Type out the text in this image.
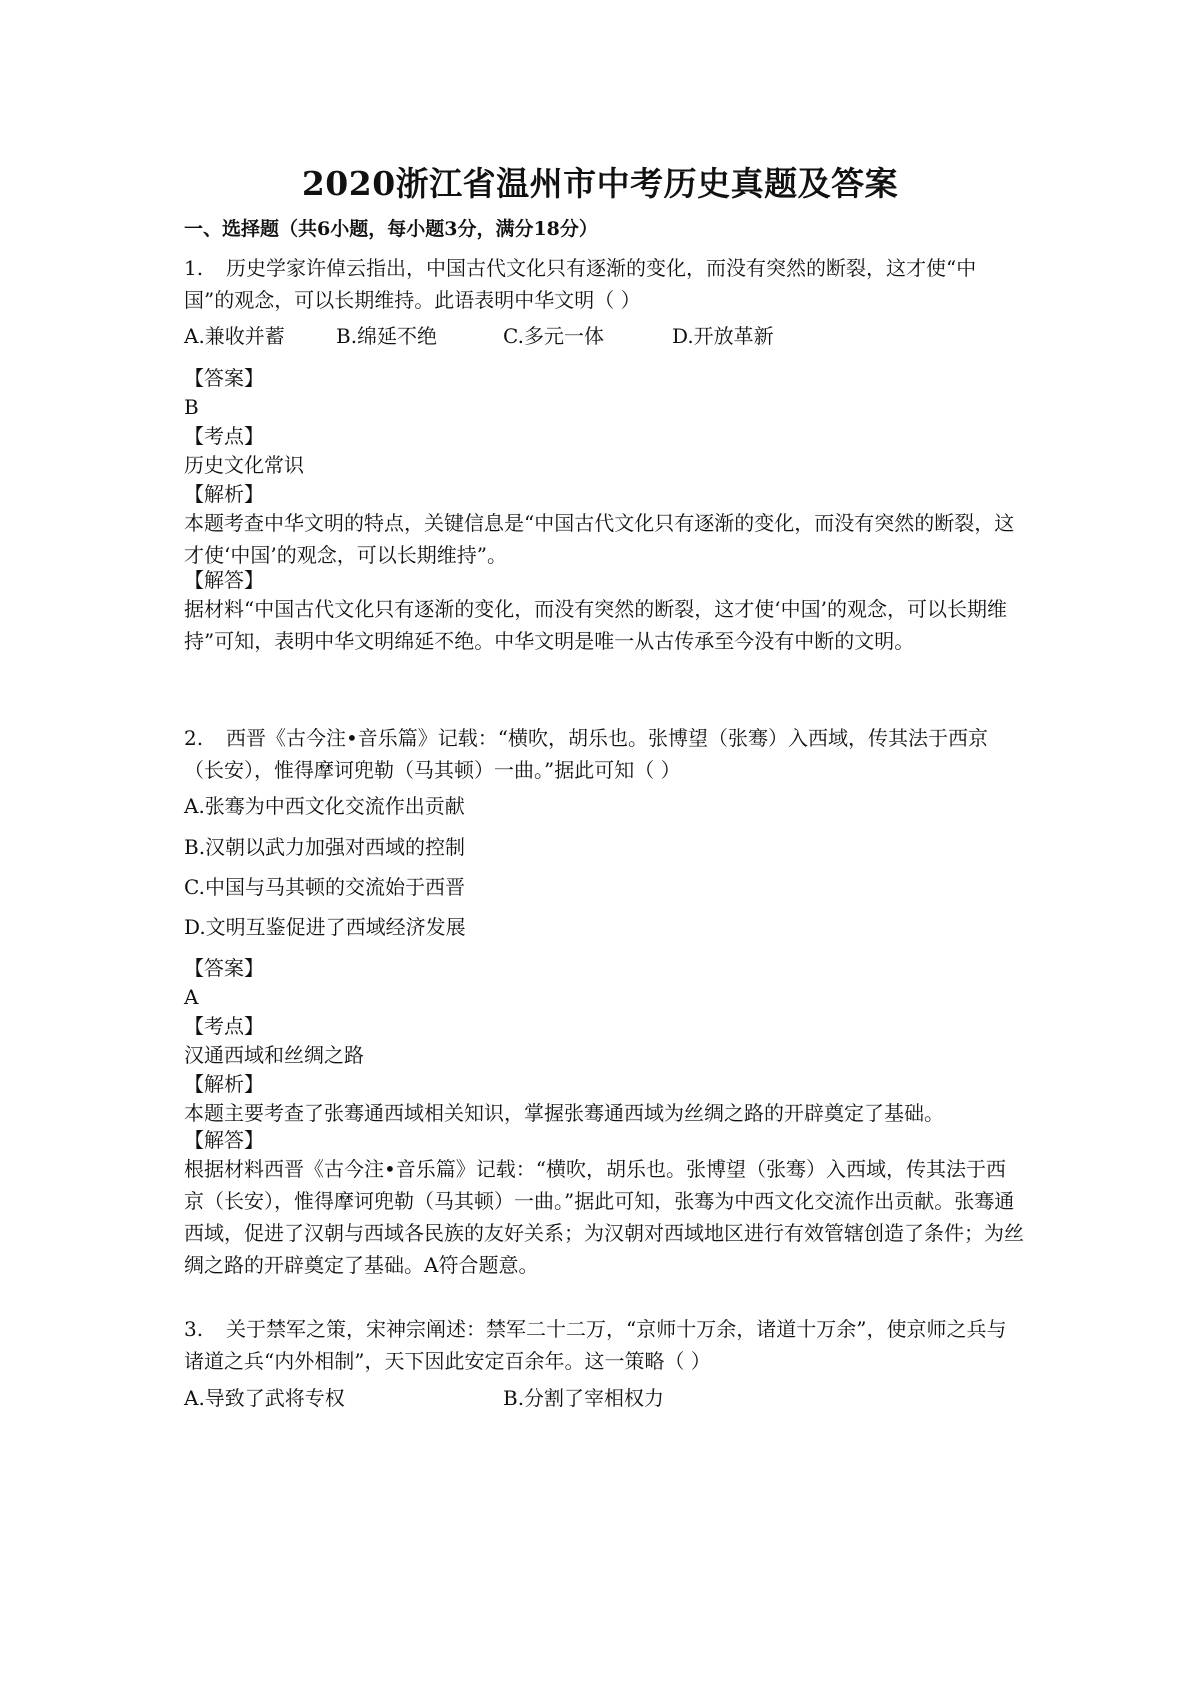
2020浙江省温州市中考历史真题及答案
一、选择题（共6小题，每小题3分，满分18分）
1. 历史学家许倬云指出，中国古代文化只有逐渐的变化，而没有突然的断裂，这才使“中国”的观念，可以长期维持。此语表明中华文明（ ）
A.兼收并蓄	B.绵延不绝	C.多元一体	D.开放革新
【答案】
B
【考点】
历史文化常识
【解析】
本题考查中华文明的特点，关键信息是“中国古代文化只有逐渐的变化，而没有突然的断裂，这才使‘中国’的观念，可以长期维持”。
【解答】
据材料“中国古代文化只有逐渐的变化，而没有突然的断裂，这才使‘中国’的观念，可以长期维持”可知，表明中华文明绵延不绝。中华文明是唯一从古传承至今没有中断的文明。
2. 西晋《古今注•音乐篇》记载：“横吹，胡乐也。张博望（张骞）入西域，传其法于西京（长安），惟得摩诃兜勒（马其顿）一曲。”据此可知（ ）
A.张骞为中西文化交流作出贡献
B.汉朝以武力加强对西域的控制
C.中国与马其顿的交流始于西晋
D.文明互鉴促进了西域经济发展
【答案】
A
【考点】
汉通西域和丝绸之路
【解析】
本题主要考查了张骞通西域相关知识，掌握张骞通西域为丝绸之路的开辟奠定了基础。
【解答】
根据材料西晋《古今注•音乐篇》记载：“横吹，胡乐也。张博望（张骞）入西域，传其法于西京（长安），惟得摩诃兜勒（马其顿）一曲。”据此可知，张骞为中西文化交流作出贡献。张骞通西域，促进了汉朝与西域各民族的友好关系；为汉朝对西域地区进行有效管辖创造了条件；为丝绸之路的开辟奠定了基础。A符合题意。
3. 关于禁军之策，宋神宗阐述：禁军二十二万，“京师十万余，诸道十万余”，使京师之兵与诸道之兵“内外相制”，天下因此安定百余年。这一策略（ ）
A.导致了武将专权	B.分割了宰相权力
